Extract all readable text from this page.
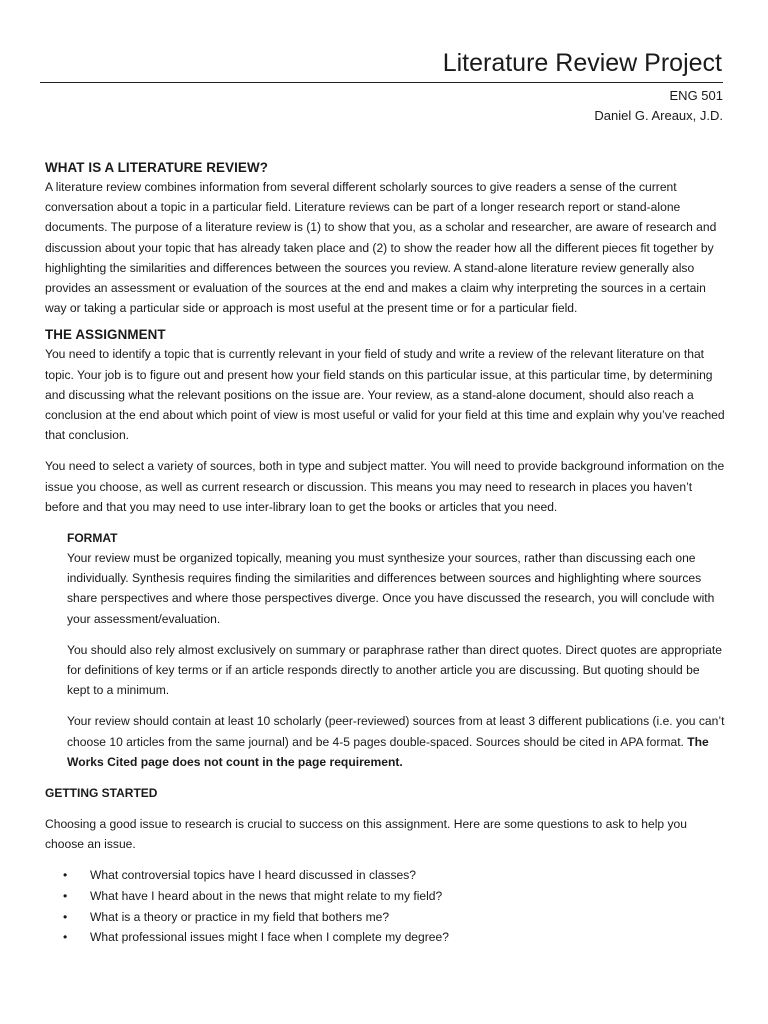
Literature Review Project
ENG 501
Daniel G. Areaux, J.D.
WHAT IS A LITERATURE REVIEW?

A literature review combines information from several different scholarly sources to give readers a sense of the current conversation about a topic in a particular field. Literature reviews can be part of a longer research report or stand-alone documents. The purpose of a literature review is (1) to show that you, as a scholar and researcher, are aware of research and discussion about your topic that has already taken place and (2) to show the reader how all the different pieces fit together by highlighting the similarities and differences between the sources you review. A stand-alone literature review generally also provides an assessment or evaluation of the sources at the end and makes a claim why interpreting the sources in a certain way or taking a particular side or approach is most useful at the present time or for a particular field.

THE ASSIGNMENT

You need to identify a topic that is currently relevant in your field of study and write a review of the relevant literature on that topic. Your job is to figure out and present how your field stands on this particular issue, at this particular time, by determining and discussing what the relevant positions on the issue are. Your review, as a stand-alone document, should also reach a conclusion at the end about which point of view is most useful or valid for your field at this time and explain why you’ve reached that conclusion.

You need to select a variety of sources, both in type and subject matter. You will need to provide background information on the issue you choose, as well as current research or discussion. This means you may need to research in places you haven’t before and that you may need to use inter-library loan to get the books or articles that you need.

FORMAT

Your review must be organized topically, meaning you must synthesize your sources, rather than discussing each one individually. Synthesis requires finding the similarities and differences between sources and highlighting where sources share perspectives and where those perspectives diverge. Once you have discussed the research, you will conclude with your assessment/evaluation.

You should also rely almost exclusively on summary or paraphrase rather than direct quotes. Direct quotes are appropriate for definitions of key terms or if an article responds directly to another article you are discussing. But quoting should be kept to a minimum.

Your review should contain at least 10 scholarly (peer-reviewed) sources from at least 3 different publications (i.e. you can’t choose 10 articles from the same journal) and be 4-5 pages double-spaced. Sources should be cited in APA format. The Works Cited page does not count in the page requirement.

GETTING STARTED

Choosing a good issue to research is crucial to success on this assignment. Here are some questions to ask to help you choose an issue.

• What controversial topics have I heard discussed in classes?
• What have I heard about in the news that might relate to my field?
• What is a theory or practice in my field that bothers me?
• What professional issues might I face when I complete my degree?
